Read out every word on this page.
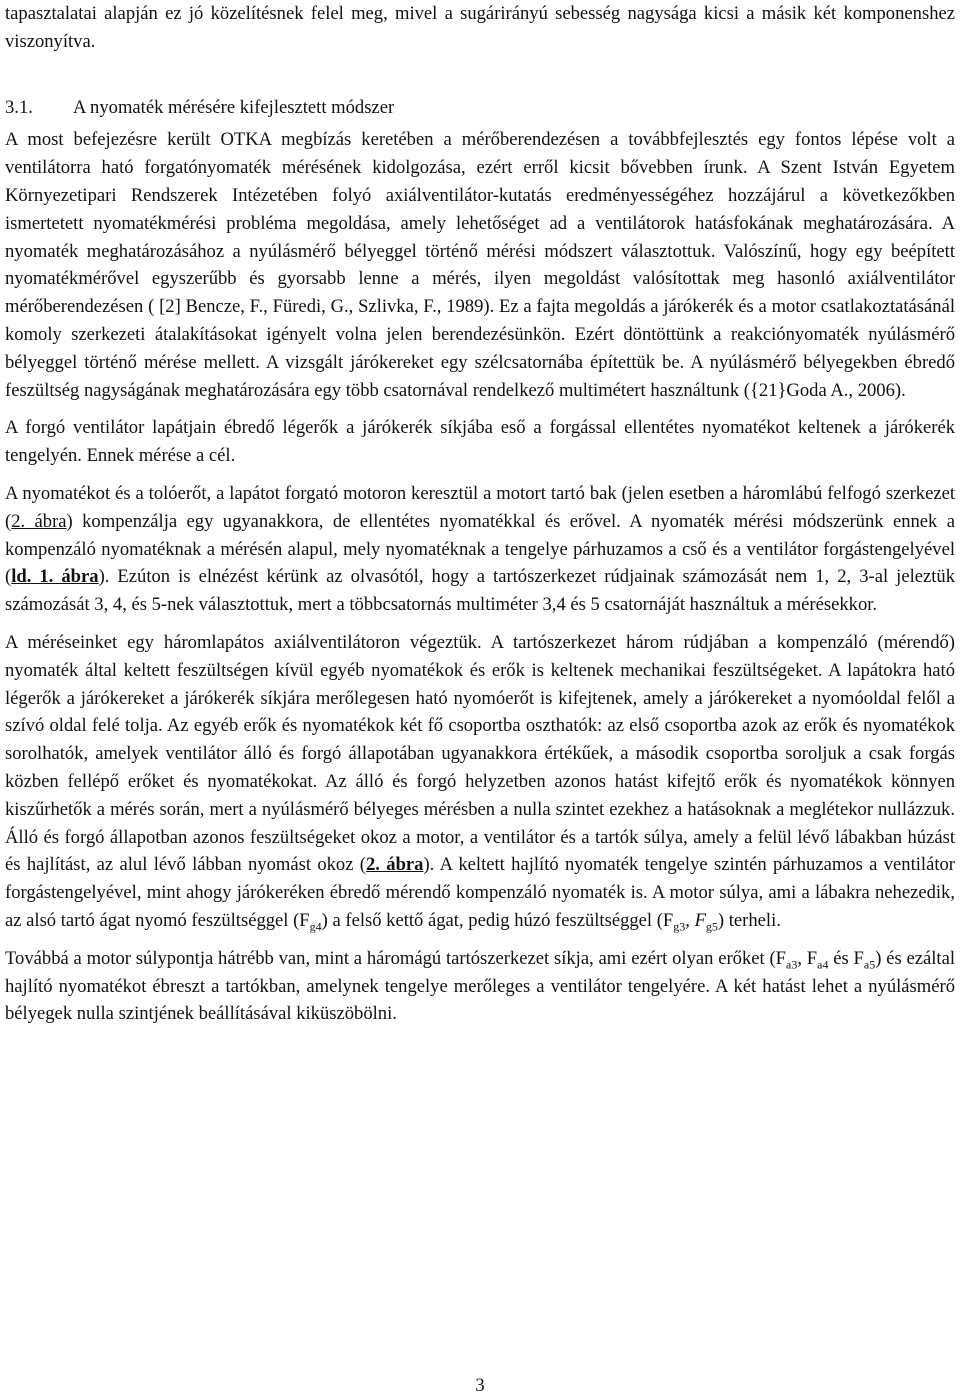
tapasztalatai alapján ez jó közelítésnek felel meg, mivel a sugárirányú sebesség nagysága kicsi a másik két komponenshez viszonyítva.

3.1. A nyomaték mérésére kifejlesztett módszer

A most befejezésre került OTKA megbízás keretében a mérőberendezésen a továbbfejlesztés egy fontos lépése volt a ventilátorra ható forgatónyomaték mérésének kidolgozása, ezért erről kicsit bővebben írunk. A Szent István Egyetem Környezetipari Rendszerek Intézetében folyó axiálventilátor-kutatás eredményességéhez hozzájárul a következőkben ismertetett nyomatékmérési probléma megoldása, amely lehetőséget ad a ventilátorok hatásfokának meghatározására. A nyomaték meghatározásához a nyúlásmérő bélyeggel történő mérési módszert választottuk. Valószínű, hogy egy beépített nyomatékmérővel egyszerűbb és gyorsabb lenne a mérés, ilyen megoldást valósítottak meg hasonló axiálventilátor mérőberendezésen ( [2] Bencze, F., Füredi, G., Szlivka, F., 1989). Ez a fajta megoldás a járókerék és a motor csatlakoztatásánál komoly szerkezeti átalakításokat igényelt volna jelen berendezésünkön. Ezért döntöttünk a reakciónyomaték nyúlásmérő bélyeggel történő mérése mellett. A vizsgált járókereket egy szélcsatornába építettük be. A nyúlásmérő bélyegekben ébredő feszültség nagyságának meghatározására egy több csatornával rendelkező multimétert használtunk ({21}Goda A., 2006).

A forgó ventilátor lapátjain ébredő légerők a járókerék síkjába eső a forgással ellentétes nyomatékot keltenek a járókerék tengelyén. Ennek mérése a cél.

A nyomatékot és a tolóerőt, a lapátot forgató motoron keresztül a motort tartó bak (jelen esetben a háromlábú felfogó szerkezet (2. ábra) kompenzálja egy ugyanakkora, de ellentétes nyomatékkal és erővel. A nyomaték mérési módszerünk ennek a kompenzáló nyomatéknak a mérésén alapul, mely nyomatéknak a tengelye párhuzamos a cső és a ventilátor forgástengelyével (ld. 1. ábra). Ezúton is elnézést kérünk az olvasótól, hogy a tartószerkezet rúdjainak számozását nem 1, 2, 3-al jeleztük számozását 3, 4, és 5-nek választottuk, mert a többcsatornás multiméter 3,4 és 5 csatornáját használtuk a mérésekkor.

A méréseinket egy háromlapátos axiálventilátoron végeztük. A tartószerkezet három rúdjában a kompenzáló (mérendő) nyomaték által keltett feszültségen kívül egyéb nyomatékok és erők is keltenek mechanikai feszültségeket. A lapátokra ható légerők a járókereket a járókerék síkjára merőlegesen ható nyomóerőt is kifejtenek, amely a járókereket a nyomóoldal felől a szívó oldal felé tolja. Az egyéb erők és nyomatékok két fő csoportba oszthatók: az első csoportba azok az erők és nyomatékok sorolhatók, amelyek ventilátor álló és forgó állapotában ugyanakkora értékűek, a második csoportba soroljuk a csak forgás közben fellépő erőket és nyomatékokat. Az álló és forgó helyzetben azonos hatást kifejtő erők és nyomatékok könnyen kiszűrhetők a mérés során, mert a nyúlásmérő bélyeges mérésben a nulla szintet ezekhez a hatásoknak a meglétekor nullázzuk. Álló és forgó állapotban azonos feszültségeket okoz a motor, a ventilátor és a tartók súlya, amely a felül lévő lábakban húzást és hajlítást, az alul lévő lábban nyomást okoz (2. ábra). A keltett hajlító nyomaték tengelye szintén párhuzamos a ventilátor forgástengelyével, mint ahogy járókeréken ébredő mérendő kompenzáló nyomaték is. A motor súlya, ami a lábakra nehezedik, az alsó tartó ágat nyomó feszültséggel $(F_{g4})$ a felső kettő ágat, pedig húzó feszültséggel ($F_{g3}$, $F_{g5}$) terheli.

Továbbá a motor súlypontja hátrébb van, mint a háromágú tartószerkezet síkja, ami ezért olyan erőket ($F_{a3}$, $F_{a4}$ és $F_{a5}$) és ezáltal hajlító nyomatékot ébreszt a tartókban, amelynek tengelye merőleges a ventilátor tengelyére. A két hatást lehet a nyúlásmérő bélyegek nulla szintjének beállításával kiküszöbölni.

3
